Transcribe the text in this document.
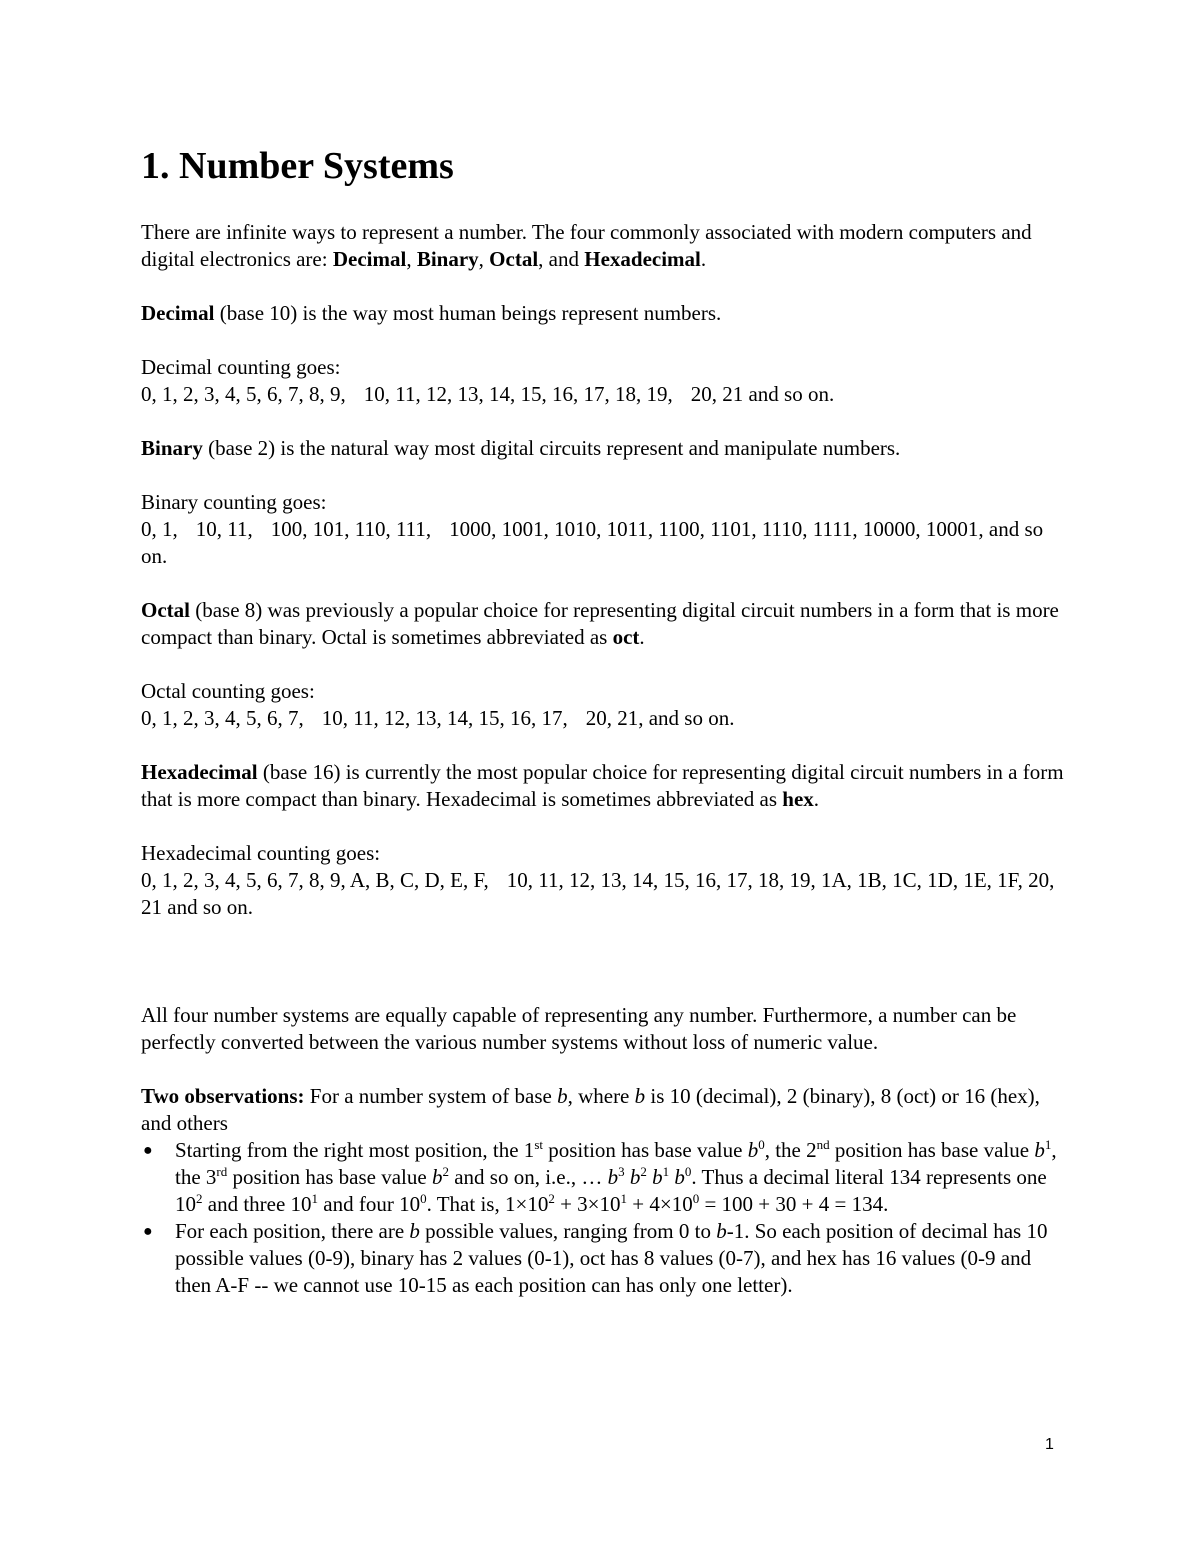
1. Number Systems

There are infinite ways to represent a number. The four commonly associated with modern computers and digital electronics are: Decimal, Binary, Octal, and Hexadecimal.

Decimal (base 10) is the way most human beings represent numbers.

Decimal counting goes:

0, 1, 2, 3, 4, 5, 6, 7, 8, 9, 10, 11, 12, 13, 14, 15, 16, 17, 18, 19, 20, 21 and so on.

Binary (base 2) is the natural way most digital circuits represent and manipulate numbers.

Binary counting goes:

0, 1, 10, 11, 100, 101, 110, 111, 1000, 1001, 1010, 1011, 1100, 1101, 1110, 1111, 10000, 10001, and so on.

Octal (base 8) was previously a popular choice for representing digital circuit numbers in a form that is more compact than binary. Octal is sometimes abbreviated as oct.

Octal counting goes:

0, 1, 2, 3, 4, 5, 6, 7, 10, 11, 12, 13, 14, 15, 16, 17, 20, 21, and so on.

Hexadecimal (base 16) is currently the most popular choice for representing digital circuit numbers in a form that is more compact than binary. Hexadecimal is sometimes abbreviated as hex.

Hexadecimal counting goes:

0, 1, 2, 3, 4, 5, 6, 7, 8, 9, A, B, C, D, E, F, 10, 11, 12, 13, 14, 15, 16, 17, 18, 19, 1A, 1B, 1C, 1D, 1E, 1F, 20, 21 and so on.

All four number systems are equally capable of representing any number. Furthermore, a number can be perfectly converted between the various number systems without loss of numeric value.

Two observations: For a number system of base b, where b is 10 (decimal), 2 (binary), 8 (oct) or 16 (hex), and others

● Starting from the right most position, the 1st position has base value $b^0$, the 2nd position has base value $b^1$, the 3rd position has base value $b^2$ and so on, i.e., … $b^3$ $b^2$ $b^1$ $b^0$. Thus a decimal literal 134 represents one $10^2$ and three $10^1$ and four $10^0$. That is, $1\times 10^2 + 3\times 10^1 + 4\times 10^0 = 100 + 30 + 4 = 134$.
● For each position, there are b possible values, ranging from 0 to b-1. So each position of decimal has 10 possible values (0-9), binary has 2 values (0-1), oct has 8 values (0-7), and hex has 16 values (0-9 and then A-F -- we cannot use 10-15 as each position can has only one letter).
1
